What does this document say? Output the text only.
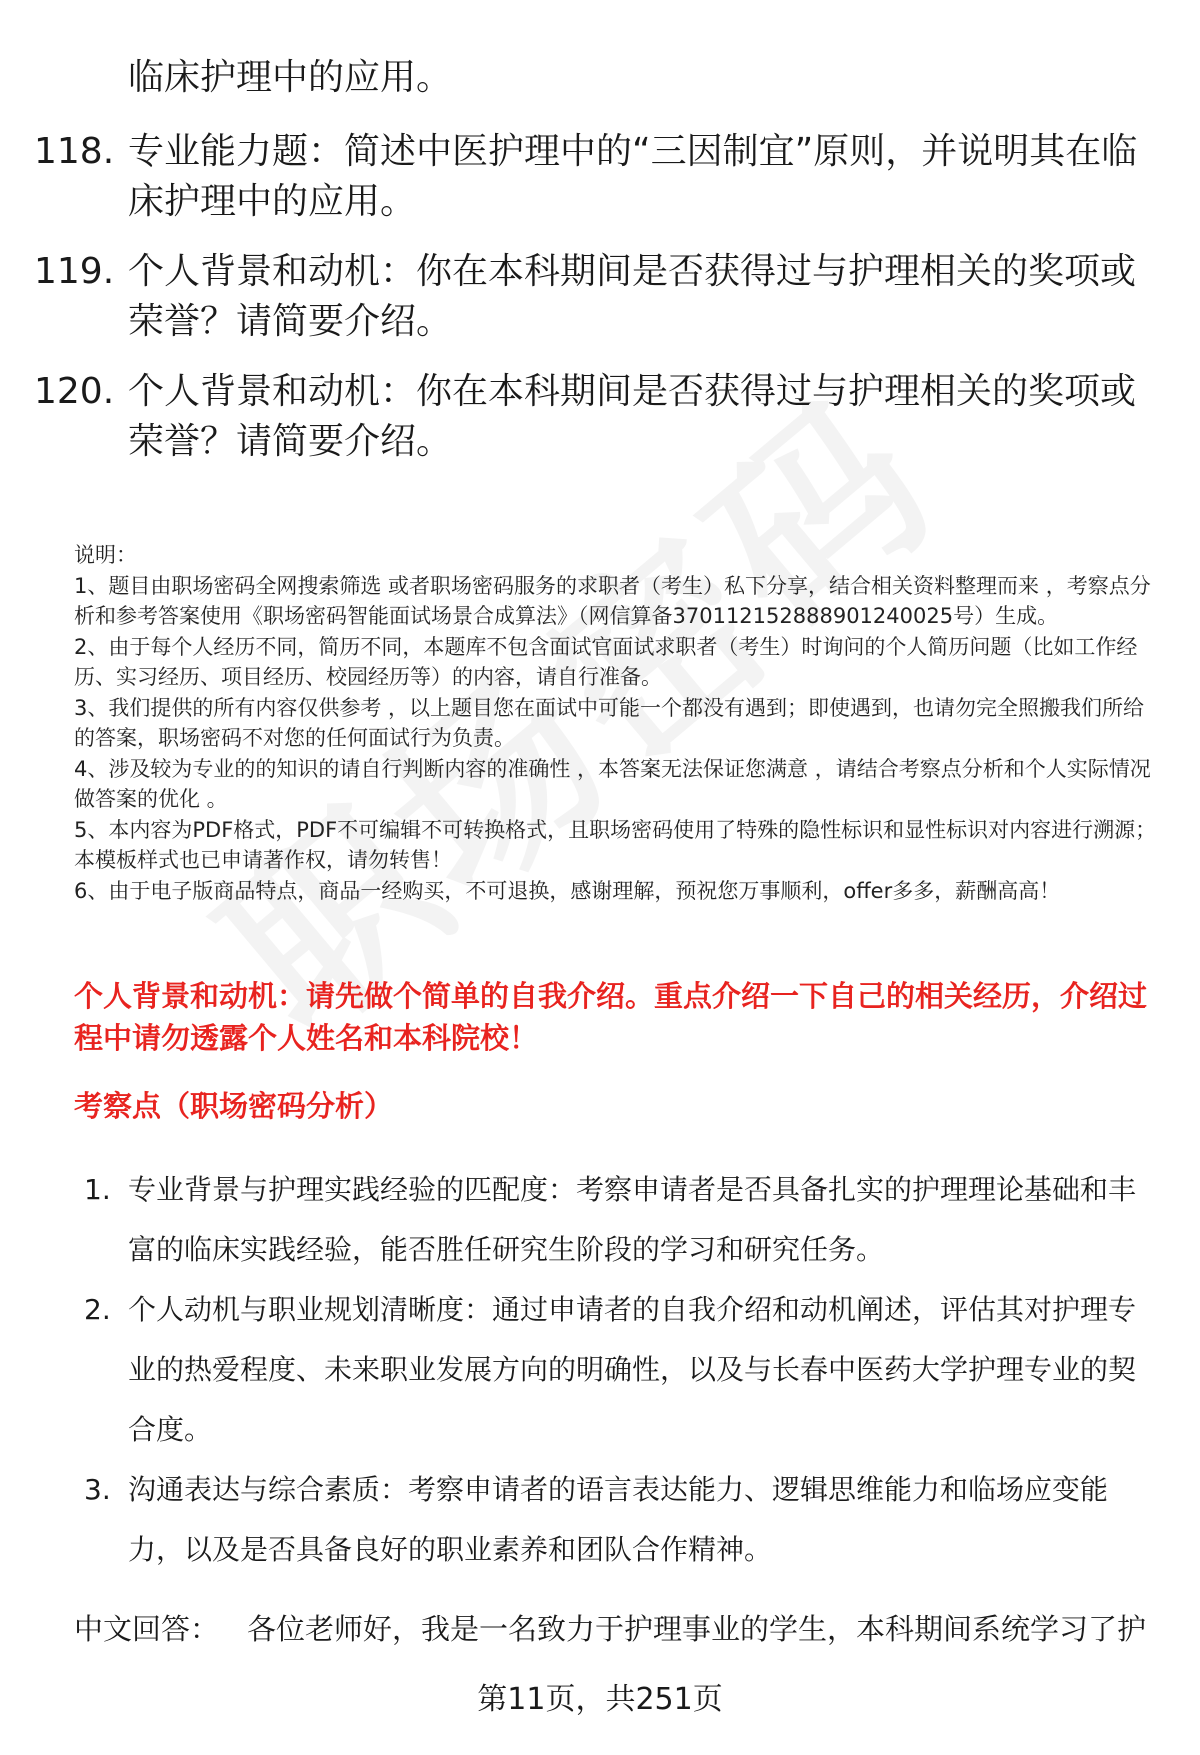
临床护理中的应用。
118. 专业能力题：简述中医护理中的“三因制宜”原则，并说明其在临床护理中的应用。
119. 个人背景和动机：你在本科期间是否获得过与护理相关的奖项或荣誉？请简要介绍。
120. 个人背景和动机：你在本科期间是否获得过与护理相关的奖项或荣誉？请简要介绍。
说明：
1、题目由职场密码全网搜索筛选 或者职场密码服务的求职者（考生）私下分享，结合相关资料整理而来 ，考察点分析和参考答案使用《职场密码智能面试场景合成算法》（网信算备370112152888901240025号）生成。
2、由于每个人经历不同，简历不同，本题库不包含面试官面试求职者（考生）时询问的个人简历问题（比如工作经历、实习经历、项目经历、校园经历等）的内容，请自行准备。
3、我们提供的所有内容仅供参考 ，以上题目您在面试中可能一个都没有遇到；即使遇到，也请勿完全照搬我们所给的答案，职场密码不对您的任何面试行为负责。
4、涉及较为专业的的知识的请自行判断内容的准确性 ，本答案无法保证您满意 ，请结合考察点分析和个人实际情况做答案的优化 。
5、本内容为PDF格式，PDF不可编辑不可转换格式，且职场密码使用了特殊的隐性标识和显性标识对内容进行溯源；本模板样式也已申请著作权，请勿转售！
6、由于电子版商品特点，商品一经购买，不可退换，感谢理解，预祝您万事顺利，offer多多，薪酬高高！
个人背景和动机：请先做个简单的自我介绍。重点介绍一下自己的相关经历，介绍过程中请勿透露个人姓名和本科院校！
考察点（职场密码分析）
1. 专业背景与护理实践经验的匹配度：考察申请者是否具备扎实的护理理论基础和丰富的临床实践经验，能否胜任研究生阶段的学习和研究任务。
2. 个人动机与职业规划清晰度：通过申请者的自我介绍和动机阐述，评估其对护理专业的热爱程度、未来职业发展方向的明确性，以及与长春中医药大学护理专业的契合度。
3. 沟通表达与综合素质：考察申请者的语言表达能力、逻辑思维能力和临场应变能力，以及是否具备良好的职业素养和团队合作精神。
中文回答： 各位老师好，我是一名致力于护理事业的学生，本科期间系统学习了护
第11页，共251页
